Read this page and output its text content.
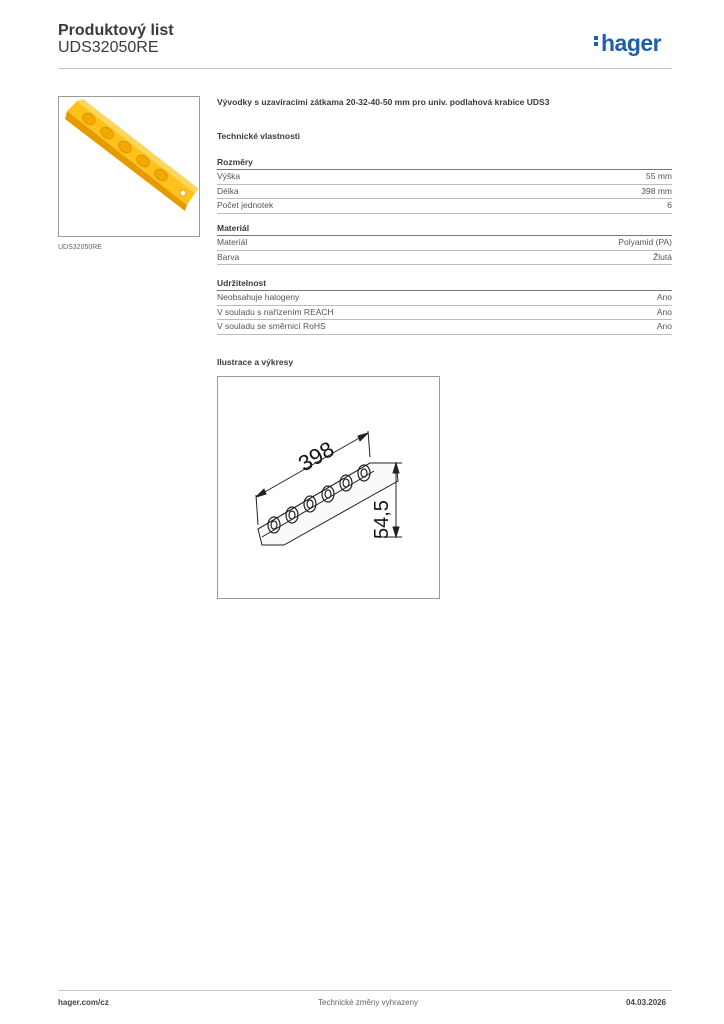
Produktový list
UDS32050RE	hager
UDS32050RE
Vývodky s uzavíracími zátkama 20-32-40-50 mm pro univ. podlahová krabice UDS3
Technické vlastnosti
Rozměry
Výška	55 mm
Délka	398 mm
Počet jednotek	6
Materiál
Materiál	Polyamid (PA)
Barva	Žlutá
Udržitelnost
Neobsahuje halogeny	Ano
V souladu s nařízením REACH	Ano
V souladu se směrnicí RoHS	Ano
Ilustrace a výkresy
398
54,5
hager.com/cz	Technické změny vyhrazeny	04.03.2026
